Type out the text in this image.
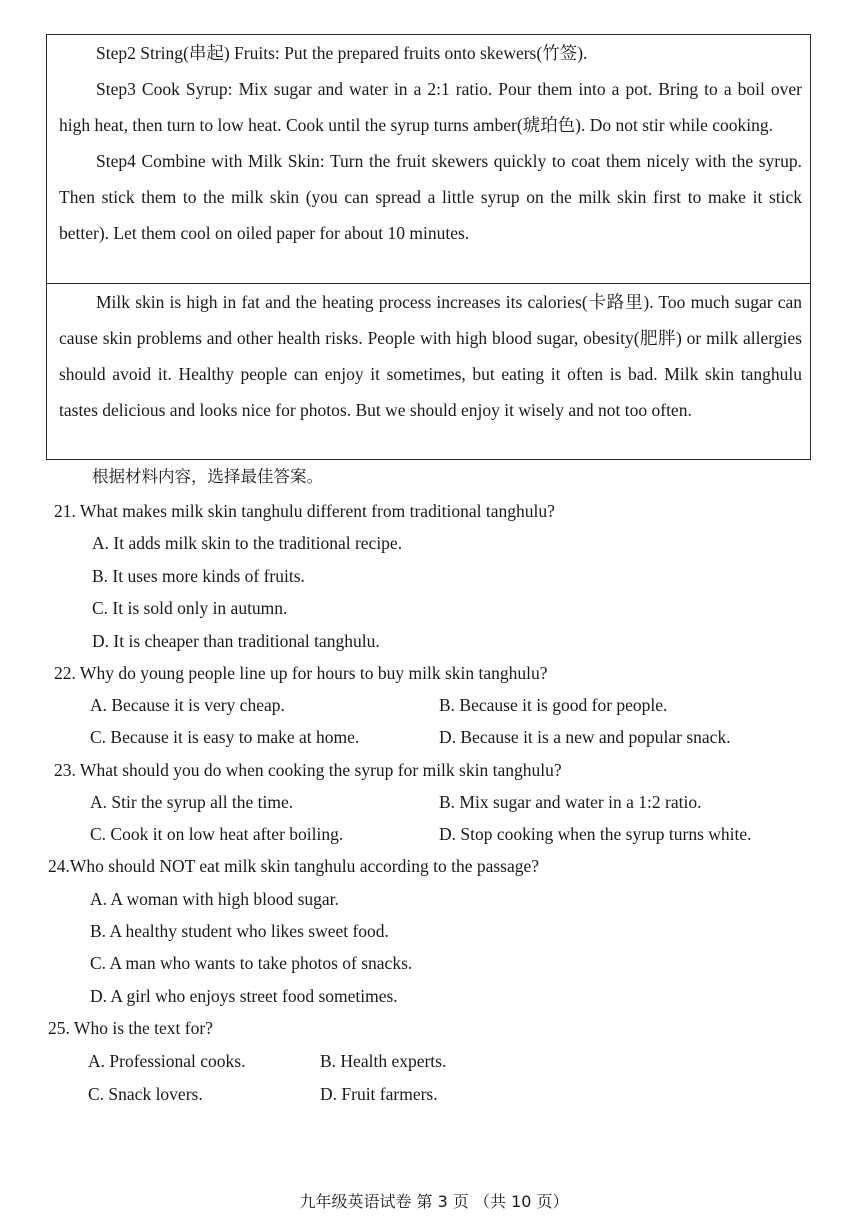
Step2 String(串起) Fruits: Put the prepared fruits onto skewers(竹签).

Step3 Cook Syrup: Mix sugar and water in a 2:1 ratio. Pour them into a pot. Bring to a boil over high heat, then turn to low heat. Cook until the syrup turns amber(琥珀色). Do not stir while cooking.

Step4 Combine with Milk Skin: Turn the fruit skewers quickly to coat them nicely with the syrup. Then stick them to the milk skin (you can spread a little syrup on the milk skin first to make it stick better). Let them cool on oiled paper for about 10 minutes.

Milk skin is high in fat and the heating process increases its calories(卡路里). Too much sugar can cause skin problems and other health risks. People with high blood sugar, obesity(肥胖) or milk allergies should avoid it. Healthy people can enjoy it sometimes, but eating it often is bad. Milk skin tanghulu tastes delicious and looks nice for photos. But we should enjoy it wisely and not too often.

根据材料内容，选择最佳答案。
21. What makes milk skin tanghulu different from traditional tanghulu?
A. It adds milk skin to the traditional recipe.
B. It uses more kinds of fruits.
C. It is sold only in autumn.
D. It is cheaper than traditional tanghulu.
22. Why do young people line up for hours to buy milk skin tanghulu?
A. Because it is very cheap.	B. Because it is good for people.
C. Because it is easy to make at home.	D. Because it is a new and popular snack.
23. What should you do when cooking the syrup for milk skin tanghulu?
A. Stir the syrup all the time.	B. Mix sugar and water in a 1:2 ratio.
C. Cook it on low heat after boiling.	D. Stop cooking when the syrup turns white.
24.Who should NOT eat milk skin tanghulu according to the passage?
A. A woman with high blood sugar.
B. A healthy student who likes sweet food.
C. A man who wants to take photos of snacks.
D. A girl who enjoys street food sometimes.
25. Who is the text for?
A. Professional cooks.	B. Health experts.
C. Snack lovers.	D. Fruit farmers.
九年级英语试卷 第 3 页 （共 10 页）
